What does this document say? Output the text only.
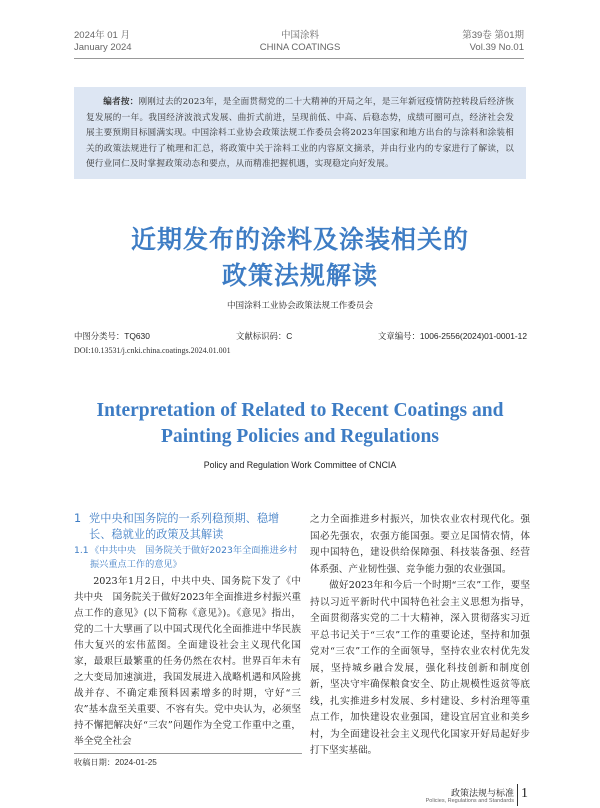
2024年 01 月
January 2024
中国涂料
CHINA COATINGS
第39卷 第01期
Vol.39 No.01
编者按：刚刚过去的2023年，是全面贯彻党的二十大精神的开局之年，是三年新冠疫情防控转段后经济恢复发展的一年。我国经济波浪式发展、曲折式前进，呈现前低、中高、后稳态势，成绩可圈可点，经济社会发展主要预期目标圆满实现。中国涂料工业协会政策法规工作委员会将2023年国家和地方出台的与涂料和涂装相关的政策法规进行了梳理和汇总，将政策中关于涂料工业的内容原文摘录，并由行业内的专家进行了解读，以便行业同仁及时掌握政策动态和要点，从而精准把握机遇，实现稳定向好发展。
近期发布的涂料及涂装相关的
政策法规解读
中国涂料工业协会政策法规工作委员会
中图分类号：TQ630	文献标识码：C	文章编号：1006-2556(2024)01-0001-12
DOI:10.13531/j.cnki.china.coatings.2024.01.001
Interpretation of Related to Recent Coatings and Painting Policies and Regulations
Policy and Regulation Work Committee of CNCIA
1 党中央和国务院的一系列稳预期、稳增长、稳就业的政策及其解读
1.1 《中共中央　国务院关于做好2023年全面推进乡村振兴重点工作的意见》
2023年1月2日，中共中央、国务院下发了《中共中央　国务院关于做好2023年全面推进乡村振兴重点工作的意见》(以下简称《意见》)。《意见》指出，党的二十大擘画了以中国式现代化全面推进中华民族伟大复兴的宏伟蓝图。全面建设社会主义现代化国家，最艰巨最繁重的任务仍然在农村。世界百年未有之大变局加速演进，我国发展进入战略机遇和风险挑战并存、不确定难预料因素增多的时期，守好“三农”基本盘至关重要、不容有失。党中央认为，必须坚持不懈把解决好“三农”问题作为全党工作重中之重，举全党全社会

之力全面推进乡村振兴，加快农业农村现代化。强国必先强农，农强方能国强。要立足国情农情，体现中国特色，建设供给保障强、科技装备强、经营体系强、产业韧性强、竞争能力强的农业强国。

做好2023年和今后一个时期“三农”工作，要坚持以习近平新时代中国特色社会主义思想为指导，全面贯彻落实党的二十大精神，深入贯彻落实习近平总书记关于“三农”工作的重要论述，坚持和加强党对“三农”工作的全面领导，坚持农业农村优先发展，坚持城乡融合发展，强化科技创新和制度创新，坚决守牢确保粮食安全、防止规模性返贫等底线，扎实推进乡村发展、乡村建设、乡村治理等重点工作，加快建设农业强国，建设宜居宜业和美乡村，为全面建设社会主义现代化国家开好局起好步打下坚实基础。

收稿日期：2024-01-25
政策法规与标准
Policies, Regulations and Standards 1
